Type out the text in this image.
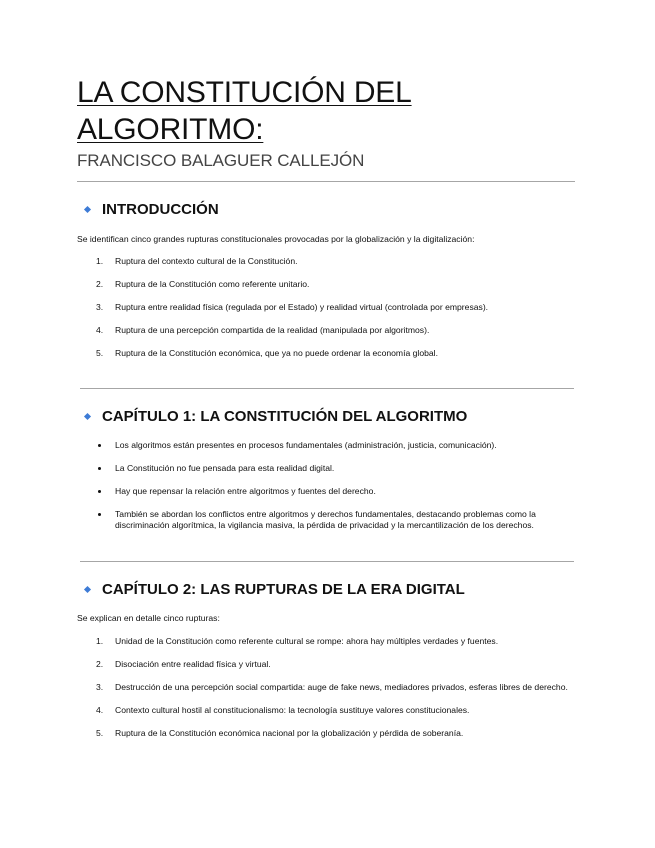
LA CONSTITUCIÓN DEL ALGORITMO:
FRANCISCO BALAGUER CALLEJÓN
INTRODUCCIÓN

Se identifican cinco grandes rupturas constitucionales provocadas por la globalización y la digitalización:

1. Ruptura del contexto cultural de la Constitución.
2. Ruptura de la Constitución como referente unitario.
3. Ruptura entre realidad física (regulada por el Estado) y realidad virtual (controlada por empresas).
4. Ruptura de una percepción compartida de la realidad (manipulada por algoritmos).
5. Ruptura de la Constitución económica, que ya no puede ordenar la economía global.
CAPÍTULO 1: LA CONSTITUCIÓN DEL ALGORITMO
Los algoritmos están presentes en procesos fundamentales (administración, justicia, comunicación).
La Constitución no fue pensada para esta realidad digital.
Hay que repensar la relación entre algoritmos y fuentes del derecho.
También se abordan los conflictos entre algoritmos y derechos fundamentales, destacando problemas como la discriminación algorítmica, la vigilancia masiva, la pérdida de privacidad y la mercantilización de los derechos.
CAPÍTULO 2: LAS RUPTURAS DE LA ERA DIGITAL

Se explican en detalle cinco rupturas:

1. Unidad de la Constitución como referente cultural se rompe: ahora hay múltiples verdades y fuentes.
2. Disociación entre realidad física y virtual.
3. Destrucción de una percepción social compartida: auge de fake news, mediadores privados, esferas libres de derecho.
4. Contexto cultural hostil al constitucionalismo: la tecnología sustituye valores constitucionales.
5. Ruptura de la Constitución económica nacional por la globalización y pérdida de soberanía.
